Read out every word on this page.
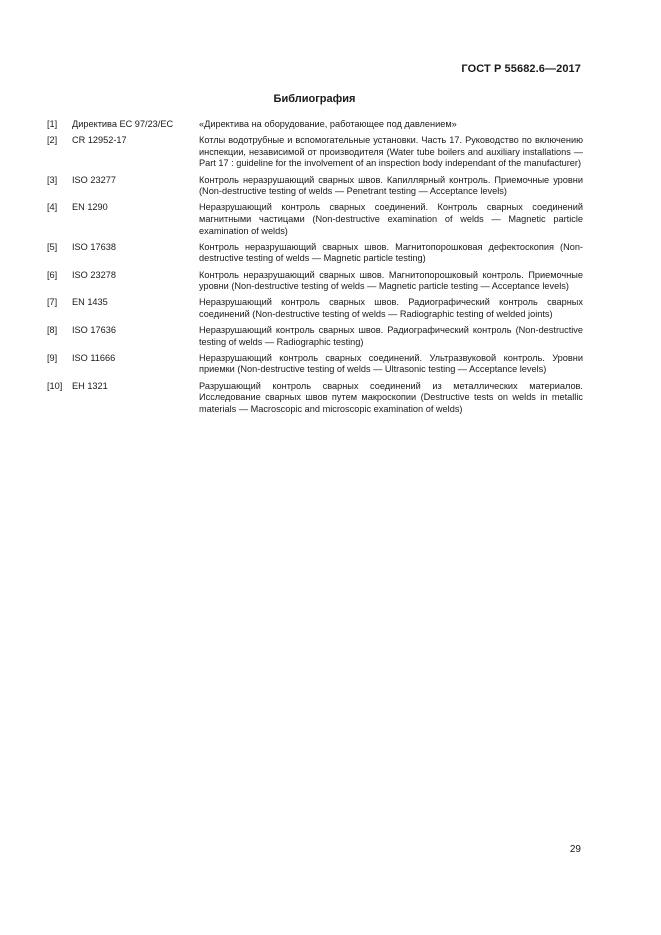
ГОСТ Р 55682.6—2017
Библиография
[1]	Директива ЕС 97/23/ЕС	«Директива на оборудование, работающее под давлением»
[2]	CR 12952-17	Котлы водотрубные и вспомогательные установки. Часть 17. Руководство по включению инспекции, независимой от производителя (Water tube boilers and auxiliary installations — Part 17 : guideline for the involvement of an inspection body independant of the manufacturer)
[3]	ISO 23277	Контроль неразрушающий сварных швов. Капиллярный контроль. Приемочные уровни (Non-destructive testing of welds — Penetrant testing — Acceptance levels)
[4]	EN 1290	Неразрушающий контроль сварных соединений. Контроль сварных соединений магнитными частицами (Non-destructive examination of welds — Magnetic particle examination of welds)
[5]	ISO 17638	Контроль неразрушающий сварных швов. Магнитопорошковая дефектоскопия (Non-destructive testing of welds — Magnetic particle testing)
[6]	ISO 23278	Контроль неразрушающий сварных швов. Магнитопорошковый контроль. Приемочные уровни (Non-destructive testing of welds — Magnetic particle testing — Acceptance levels)
[7]	EN 1435	Неразрушающий контроль сварных швов. Радиографический контроль сварных соединений (Non-destructive testing of welds — Radiographic testing of welded joints)
[8]	ISO 17636	Неразрушающий контроль сварных швов. Радиографический контроль (Non-destructive testing of welds — Radiographic testing)
[9]	ISO 11666	Неразрушающий контроль сварных соединений. Ультразвуковой контроль. Уровни приемки (Non-destructive testing of welds — Ultrasonic testing — Acceptance levels)
[10]	ЕН 1321	Разрушающий контроль сварных соединений из металлических материалов. Исследование сварных швов путем макроскопии (Destructive tests on welds in metallic materials — Macroscopic and microscopic examination of welds)
29
